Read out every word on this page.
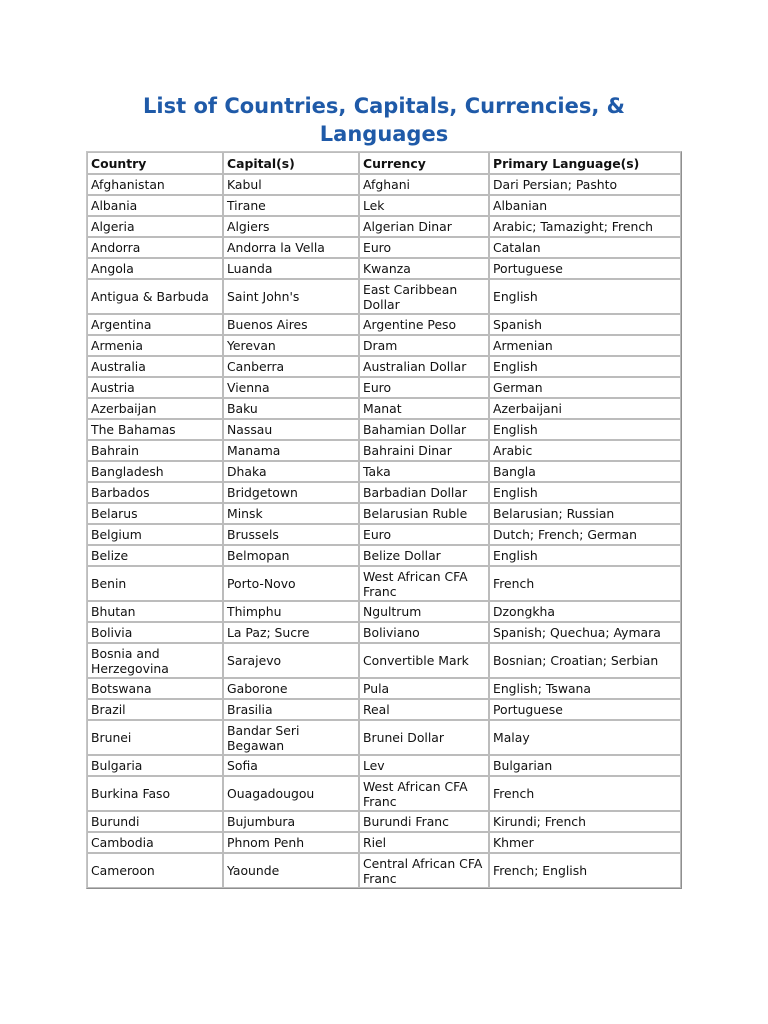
List of Countries, Capitals, Currencies, & Languages
Country	Capital(s)	Currency	Primary Language(s)
Afghanistan	Kabul	Afghani	Dari Persian; Pashto
Albania	Tirane	Lek	Albanian
Algeria	Algiers	Algerian Dinar	Arabic; Tamazight; French
Andorra	Andorra la Vella	Euro	Catalan
Angola	Luanda	Kwanza	Portuguese
Antigua & Barbuda	Saint John's	East Caribbean Dollar	English
Argentina	Buenos Aires	Argentine Peso	Spanish
Armenia	Yerevan	Dram	Armenian
Australia	Canberra	Australian Dollar	English
Austria	Vienna	Euro	German
Azerbaijan	Baku	Manat	Azerbaijani
The Bahamas	Nassau	Bahamian Dollar	English
Bahrain	Manama	Bahraini Dinar	Arabic
Bangladesh	Dhaka	Taka	Bangla
Barbados	Bridgetown	Barbadian Dollar	English
Belarus	Minsk	Belarusian Ruble	Belarusian; Russian
Belgium	Brussels	Euro	Dutch; French; German
Belize	Belmopan	Belize Dollar	English
Benin	Porto-Novo	West African CFA Franc	French
Bhutan	Thimphu	Ngultrum	Dzongkha
Bolivia	La Paz; Sucre	Boliviano	Spanish; Quechua; Aymara
Bosnia and Herzegovina	Sarajevo	Convertible Mark	Bosnian; Croatian; Serbian
Botswana	Gaborone	Pula	English; Tswana
Brazil	Brasilia	Real	Portuguese
Brunei	Bandar Seri Begawan	Brunei Dollar	Malay
Bulgaria	Sofia	Lev	Bulgarian
Burkina Faso	Ouagadougou	West African CFA Franc	French
Burundi	Bujumbura	Burundi Franc	Kirundi; French
Cambodia	Phnom Penh	Riel	Khmer
Cameroon	Yaounde	Central African CFA Franc	French; English
